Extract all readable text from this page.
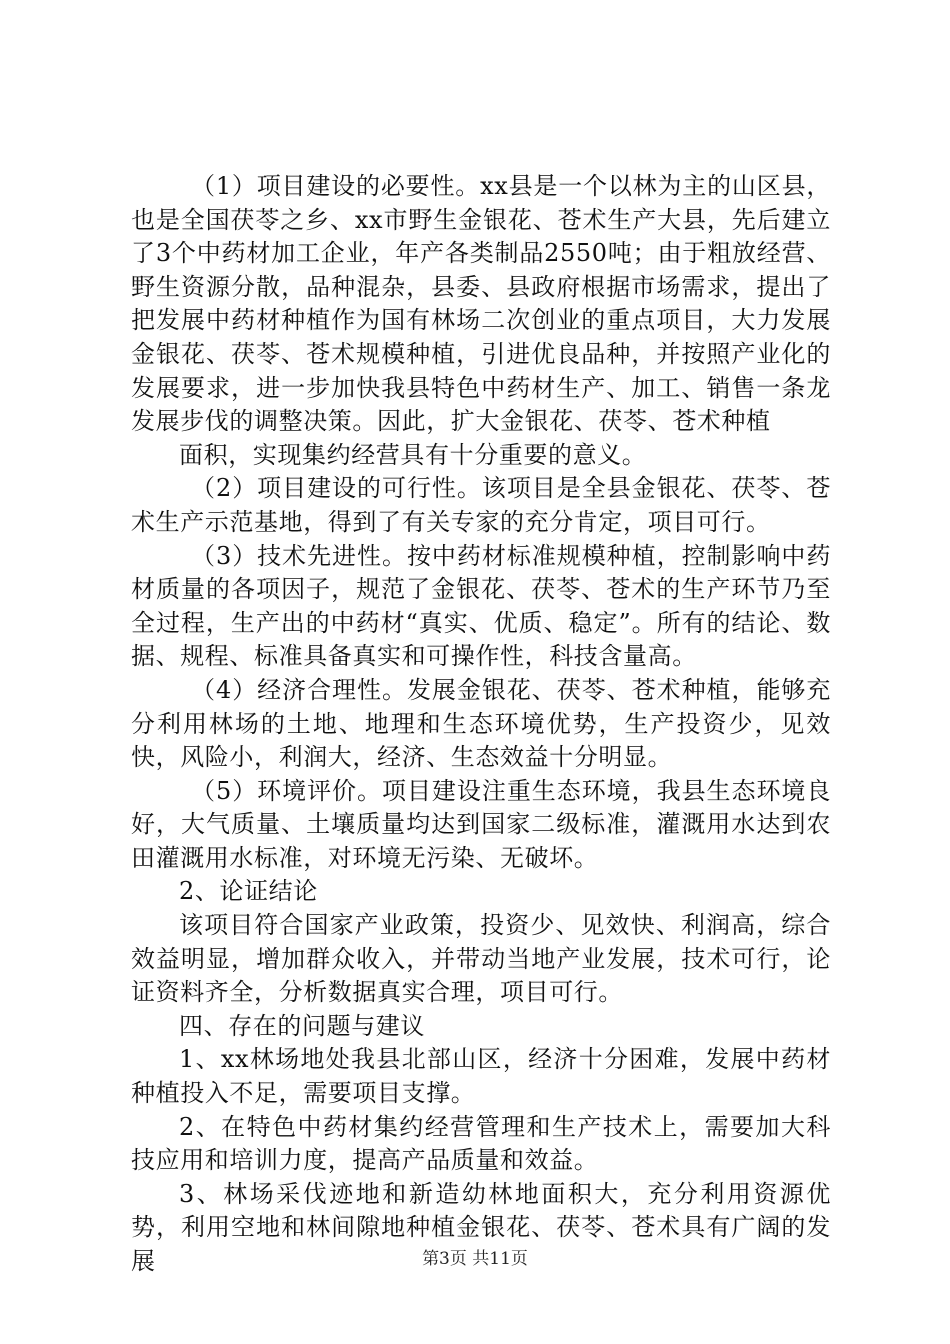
（1）项目建设的必要性。xx县是一个以林为主的山区县，也是全国茯苓之乡、xx市野生金银花、苍术生产大县，先后建立了3个中药材加工企业，年产各类制品2550吨；由于粗放经营、野生资源分散，品种混杂，县委、县政府根据市场需求，提出了把发展中药材种植作为国有林场二次创业的重点项目，大力发展金银花、茯苓、苍术规模种植，引进优良品种，并按照产业化的发展要求，进一步加快我县特色中药材生产、加工、销售一条龙发展步伐的调整决策。因此，扩大金银花、茯苓、苍术种植

面积，实现集约经营具有十分重要的意义。

（2）项目建设的可行性。该项目是全县金银花、茯苓、苍术生产示范基地，得到了有关专家的充分肯定，项目可行。

（3）技术先进性。按中药材标准规模种植，控制影响中药材质量的各项因子，规范了金银花、茯苓、苍术的生产环节乃至全过程，生产出的中药材“真实、优质、稳定”。所有的结论、数据、规程、标准具备真实和可操作性，科技含量高。

（4）经济合理性。发展金银花、茯苓、苍术种植，能够充分利用林场的土地、地理和生态环境优势，生产投资少，见效快，风险小，利润大，经济、生态效益十分明显。

（5）环境评价。项目建设注重生态环境，我县生态环境良好，大气质量、土壤质量均达到国家二级标准，灌溉用水达到农田灌溉用水标准，对环境无污染、无破坏。

2、论证结论

该项目符合国家产业政策，投资少、见效快、利润高，综合效益明显，增加群众收入，并带动当地产业发展，技术可行，论证资料齐全，分析数据真实合理，项目可行。

四、存在的问题与建议

1、xx林场地处我县北部山区，经济十分困难，发展中药材种植投入不足，需要项目支撑。

2、在特色中药材集约经营管理和生产技术上，需要加大科技应用和培训力度，提高产品质量和效益。

3、林场采伐迹地和新造幼林地面积大，充分利用资源优势，利用空地和林间隙地种植金银花、茯苓、苍术具有广阔的发展	第3页 共11页
